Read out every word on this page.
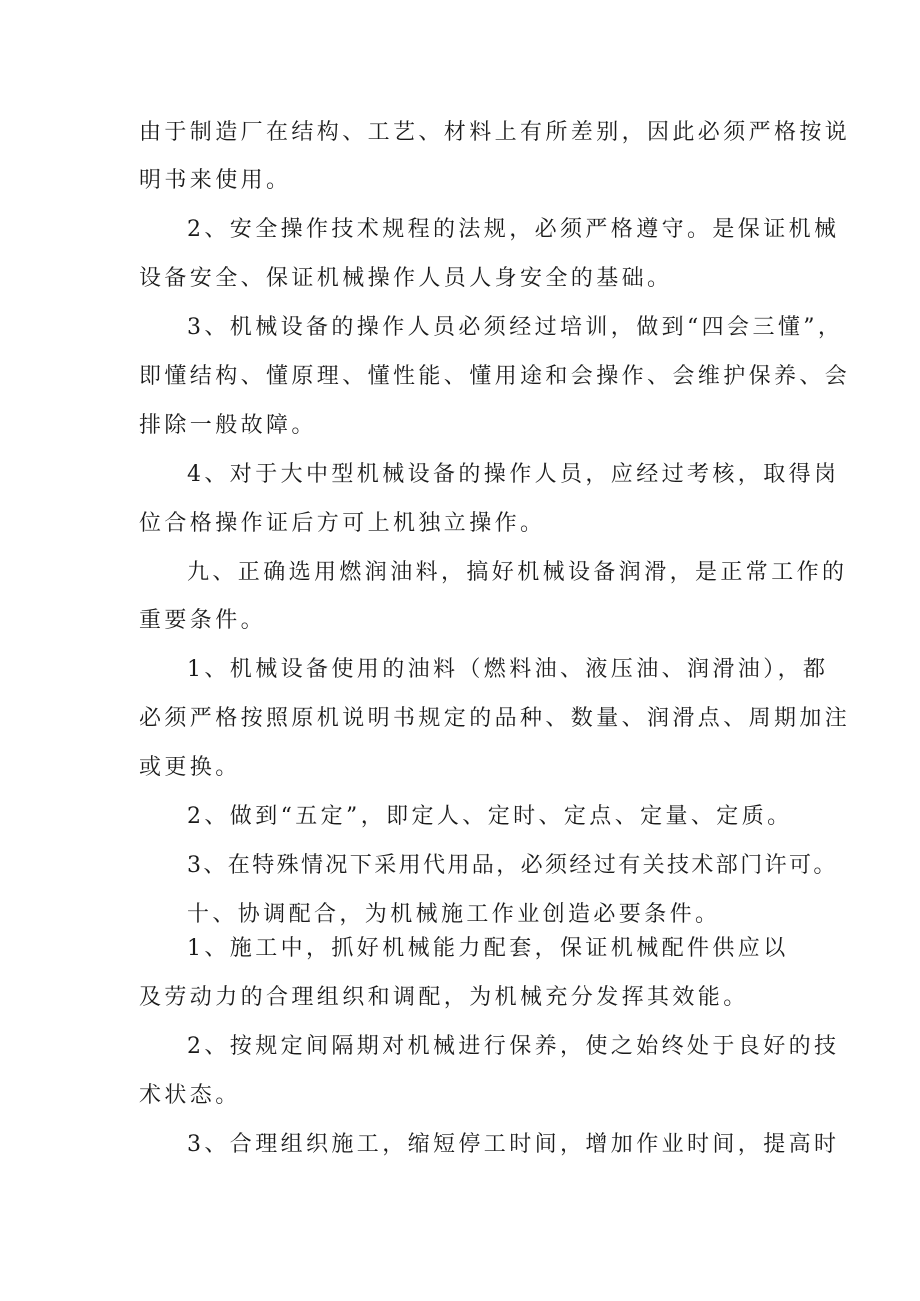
由于制造厂在结构、工艺、材料上有所差别，因此必须严格按说
明书来使用。
2、安全操作技术规程的法规，必须严格遵守。是保证机械
设备安全、保证机械操作人员人身安全的基础。
3、机械设备的操作人员必须经过培训，做到“四会三懂”，
即懂结构、懂原理、懂性能、懂用途和会操作、会维护保养、会
排除一般故障。
4、对于大中型机械设备的操作人员，应经过考核，取得岗
位合格操作证后方可上机独立操作。
九、正确选用燃润油料，搞好机械设备润滑，是正常工作的
重要条件。
1、机械设备使用的油料（燃料油、液压油、润滑油），都
必须严格按照原机说明书规定的品种、数量、润滑点、周期加注
或更换。
2、做到“五定”，即定人、定时、定点、定量、定质。
3、在特殊情况下采用代用品，必须经过有关技术部门许可。
十、协调配合，为机械施工作业创造必要条件。
1、施工中，抓好机械能力配套，保证机械配件供应以
及劳动力的合理组织和调配，为机械充分发挥其效能。
2、按规定间隔期对机械进行保养，使之始终处于良好的技
术状态。
3、合理组织施工，缩短停工时间，增加作业时间，提高时
